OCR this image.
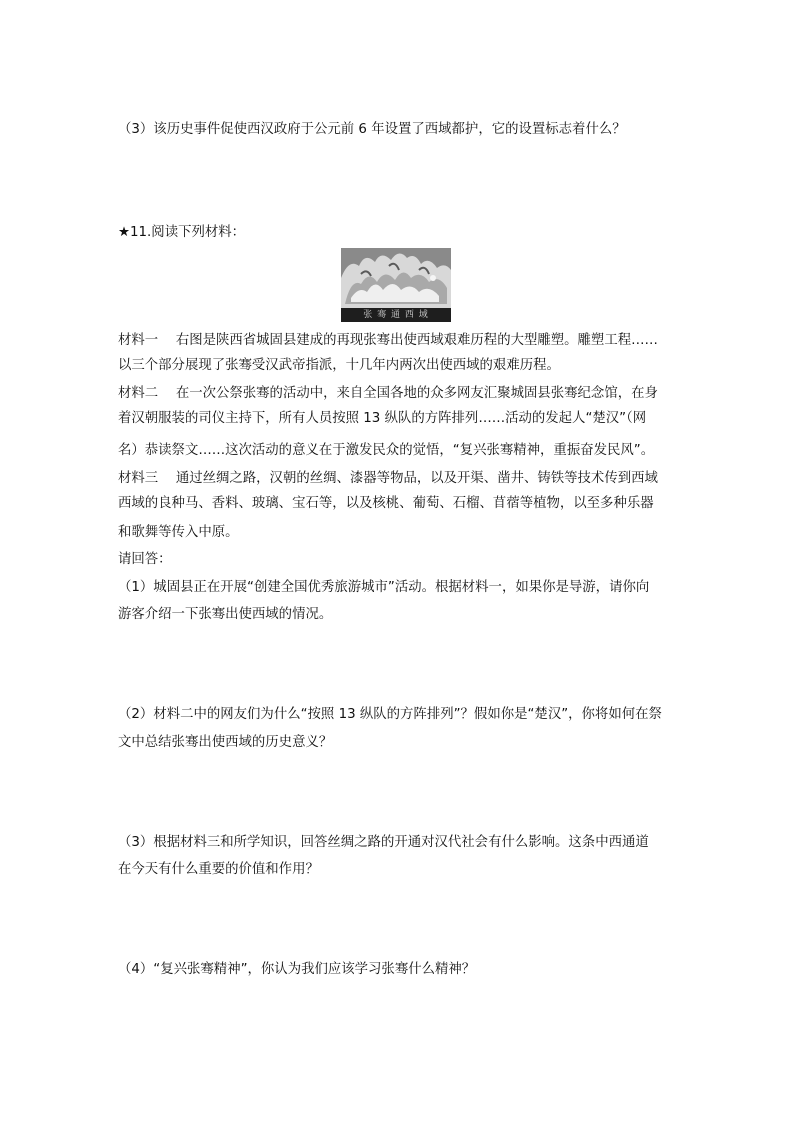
（3）该历史事件促使西汉政府于公元前 6 年设置了西域都护，它的设置标志着什么？
★11.阅读下列材料：
张 骞 通 西 域
材料一　 右图是陕西省城固县建成的再现张骞出使西域艰难历程的大型雕塑。雕塑工程……
以三个部分展现了张骞受汉武帝指派，十几年内两次出使西域的艰难历程。
材料二　 在一次公祭张骞的活动中，来自全国各地的众多网友汇聚城固县张骞纪念馆，在身
着汉朝服装的司仪主持下，所有人员按照 13 纵队的方阵排列……活动的发起人“楚汉”（网
名）恭读祭文……这次活动的意义在于激发民众的觉悟，“复兴张骞精神，重振奋发民风”。
材料三　 通过丝绸之路，汉朝的丝绸、漆器等物品，以及开渠、凿井、铸铁等技术传到西域
西域的良种马、香料、玻璃、宝石等，以及核桃、葡萄、石榴、苜蓿等植物，以至多种乐器
和歌舞等传入中原。
请回答：
（1）城固县正在开展“创建全国优秀旅游城市”活动。根据材料一，如果你是导游，请你向
游客介绍一下张骞出使西域的情况。
（2）材料二中的网友们为什么“按照 13 纵队的方阵排列”？假如你是“楚汉”，你将如何在祭
文中总结张骞出使西域的历史意义？
（3）根据材料三和所学知识，回答丝绸之路的开通对汉代社会有什么影响。这条中西通道
在今天有什么重要的价值和作用？
（4）“复兴张骞精神”，你认为我们应该学习张骞什么精神？
